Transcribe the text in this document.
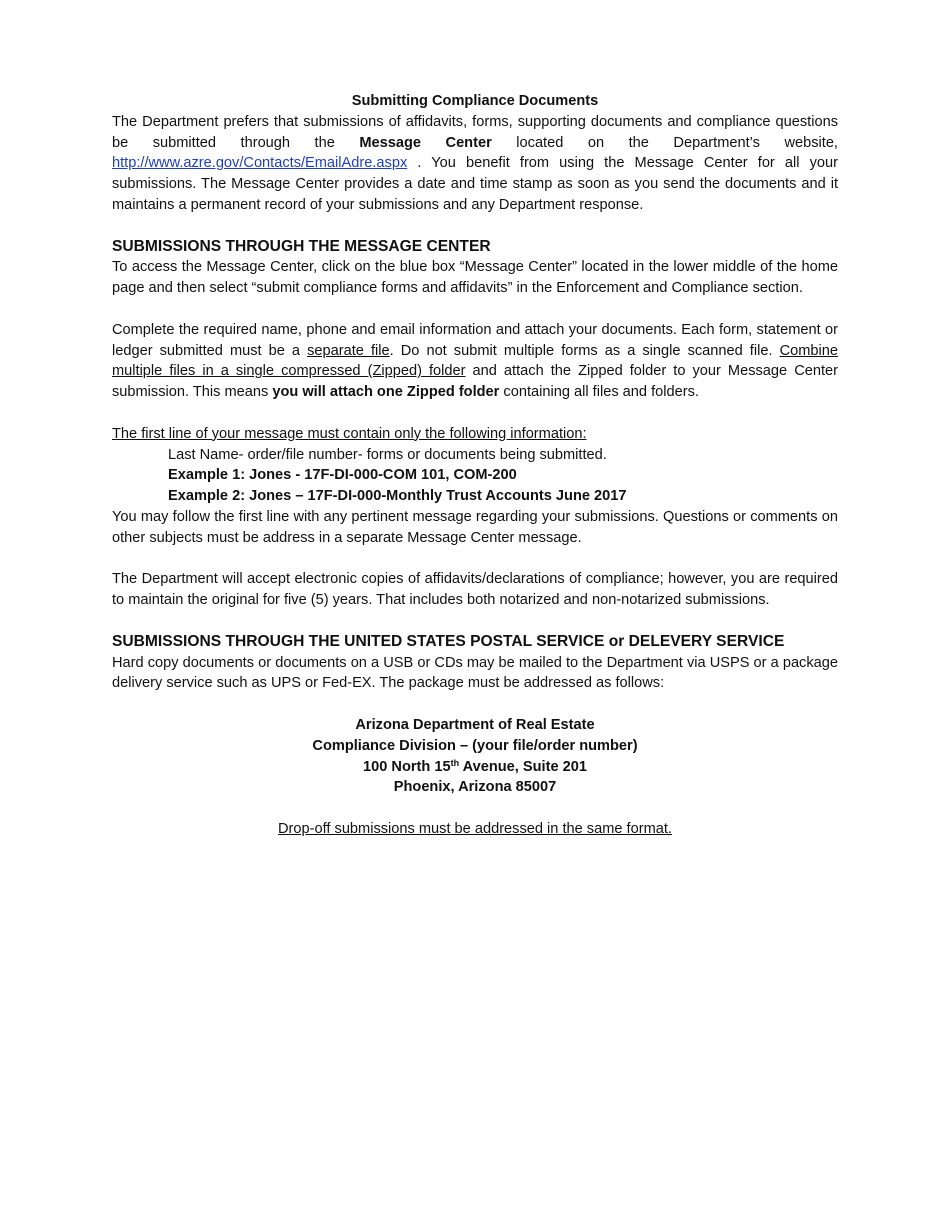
Submitting Compliance Documents

The Department prefers that submissions of affidavits, forms, supporting documents and compliance questions be submitted through the Message Center located on the Department’s website, http://www.azre.gov/Contacts/EmailAdre.aspx . You benefit from using the Message Center for all your submissions. The Message Center provides a date and time stamp as soon as you send the documents and it maintains a permanent record of your submissions and any Department response.

SUBMISSIONS THROUGH THE MESSAGE CENTER

To access the Message Center, click on the blue box “Message Center” located in the lower middle of the home page and then select “submit compliance forms and affidavits” in the Enforcement and Compliance section.

Complete the required name, phone and email information and attach your documents. Each form, statement or ledger submitted must be a separate file. Do not submit multiple forms as a single scanned file. Combine multiple files in a single compressed (Zipped) folder and attach the Zipped folder to your Message Center submission. This means you will attach one Zipped folder containing all files and folders.

The first line of your message must contain only the following information:

Last Name- order/file number- forms or documents being submitted.

Example 1: Jones - 17F-DI-000-COM 101, COM-200

Example 2: Jones – 17F-DI-000-Monthly Trust Accounts June 2017

You may follow the first line with any pertinent message regarding your submissions. Questions or comments on other subjects must be address in a separate Message Center message.

The Department will accept electronic copies of affidavits/declarations of compliance; however, you are required to maintain the original for five (5) years. That includes both notarized and non-notarized submissions.

SUBMISSIONS THROUGH THE UNITED STATES POSTAL SERVICE or DELEVERY SERVICE

Hard copy documents or documents on a USB or CDs may be mailed to the Department via USPS or a package delivery service such as UPS or Fed-EX. The package must be addressed as follows:

Arizona Department of Real Estate

Compliance Division – (your file/order number)

100 North 15th Avenue, Suite 201

Phoenix, Arizona 85007

Drop-off submissions must be addressed in the same format.
